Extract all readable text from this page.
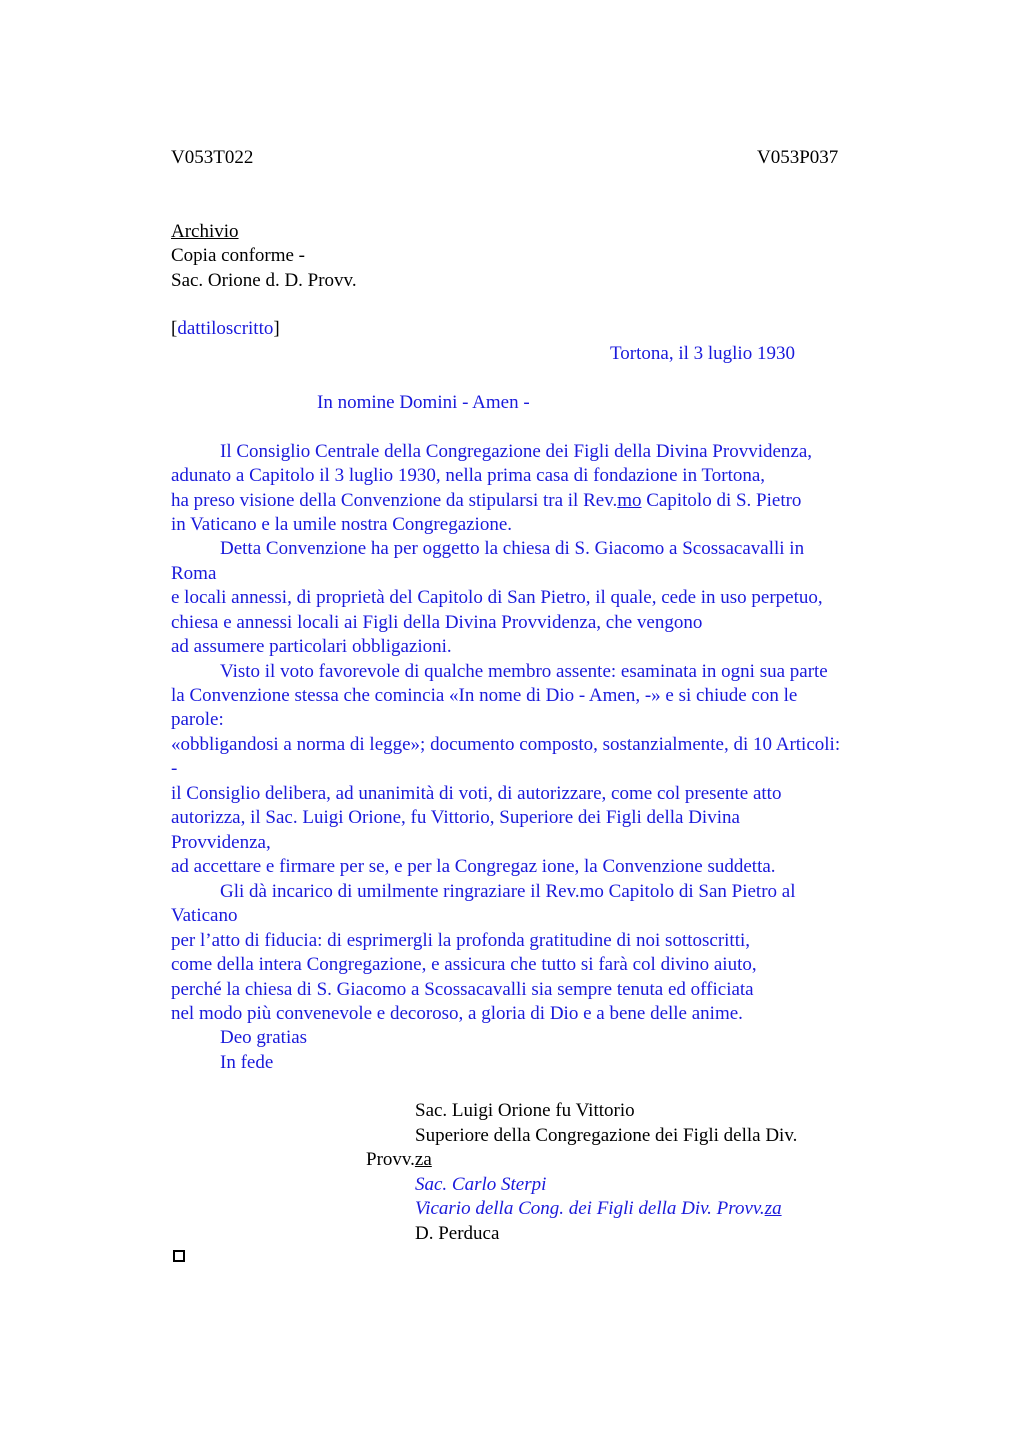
V053T022	V053P037
Archivio
Copia conforme -
Sac. Orione d. D. Provv.
[dattiloscritto]
Tortona, il 3 luglio 1930
In nomine Domini - Amen -
Il Consiglio Centrale della Congregazione dei Figli della Divina Provvidenza,
adunato a Capitolo il 3 luglio 1930, nella prima casa di fondazione in Tortona,
ha preso visione della Convenzione da stipularsi tra il Rev.mo Capitolo di S. Pietro
in Vaticano e la umile nostra Congregazione.
Detta Convenzione ha per oggetto la chiesa di S. Giacomo a Scossacavalli in
Roma
e locali annessi, di proprietà del Capitolo di San Pietro, il quale, cede in uso perpetuo,
chiesa e annessi locali ai Figli della Divina Provvidenza, che vengono
ad assumere particolari obbligazioni.
Visto il voto favorevole di qualche membro assente: esaminata in ogni sua parte
la Convenzione stessa che comincia «In nome di Dio - Amen, -» e si chiude con le
parole:
«obbligandosi a norma di legge»; documento composto, sostanzialmente, di 10 Articoli:
-
il Consiglio delibera, ad unanimità di voti, di autorizzare, come col presente atto
autorizza, il Sac. Luigi Orione, fu Vittorio, Superiore dei Figli della Divina
Provvidenza,
ad accettare e firmare per se, e per la Congregaz ione, la Convenzione suddetta.
Gli dà incarico di umilmente ringraziare il Rev.mo Capitolo di San Pietro al
Vaticano
per l’atto di fiducia: di esprimergli la profonda gratitudine di noi sottoscritti,
come della intera Congregazione, e assicura che tutto si farà col divino aiuto,
perché la chiesa di S. Giacomo a Scossacavalli sia sempre tenuta ed officiata
nel modo più convenevole e decoroso, a gloria di Dio e a bene delle anime.
Deo gratias
In fede
Sac. Luigi Orione fu Vittorio
Superiore della Congregazione dei Figli della Div.
Provv.za
Sac. Carlo Sterpi
Vicario della Cong. dei Figli della Div. Provv.za
D. Perduca
